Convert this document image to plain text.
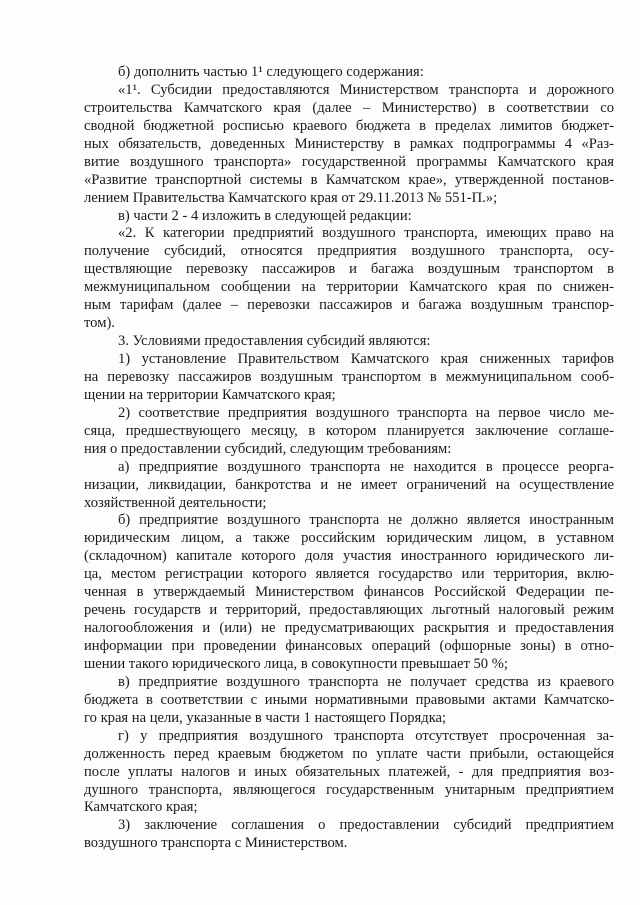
б) дополнить частью 1¹ следующего содержания:
«1¹. Субсидии предоставляются Министерством транспорта и дорожного
строительства Камчатского края (далее – Министерство) в соответствии со
сводной бюджетной росписью краевого бюджета в пределах лимитов бюджет-
ных обязательств, доведенных Министерству в рамках подпрограммы 4 «Раз-
витие воздушного транспорта» государственной программы Камчатского края
«Развитие транспортной системы в Камчатском крае», утвержденной постанов-
лением Правительства Камчатского края от 29.11.2013 № 551-П.»;
в) части 2 - 4 изложить в следующей редакции:
«2. К категории предприятий воздушного транспорта, имеющих право на
получение субсидий, относятся предприятия воздушного транспорта, осу-
ществляющие перевозку пассажиров и багажа воздушным транспортом в
межмуниципальном сообщении на территории Камчатского края по снижен-
ным тарифам (далее – перевозки пассажиров и багажа воздушным транспор-
том).
3. Условиями предоставления субсидий являются:
1) установление Правительством Камчатского края сниженных тарифов
на перевозку пассажиров воздушным транспортом в межмуниципальном сооб-
щении на территории Камчатского края;
2) соответствие предприятия воздушного транспорта на первое число ме-
сяца, предшествующего месяцу, в котором планируется заключение соглаше-
ния о предоставлении субсидий, следующим требованиям:
а) предприятие воздушного транспорта не находится в процессе реорга-
низации, ликвидации, банкротства и не имеет ограничений на осуществление
хозяйственной деятельности;
б) предприятие воздушного транспорта не должно является иностранным
юридическим лицом, а также российским юридическим лицом, в уставном
(складочном) капитале которого доля участия иностранного юридического ли-
ца, местом регистрации которого является государство или территория, вклю-
ченная в утверждаемый Министерством финансов Российской Федерации пе-
речень государств и территорий, предоставляющих льготный налоговый режим
налогообложения и (или) не предусматривающих раскрытия и предоставления
информации при проведении финансовых операций (офшорные зоны) в отно-
шении такого юридического лица, в совокупности превышает 50 %;
в) предприятие воздушного транспорта не получает средства из краевого
бюджета в соответствии с иными нормативными правовыми актами Камчатско-
го края на цели, указанные в части 1 настоящего Порядка;
г) у предприятия воздушного транспорта отсутствует просроченная за-
долженность перед краевым бюджетом по уплате части прибыли, остающейся
после уплаты налогов и иных обязательных платежей, - для предприятия воз-
душного транспорта, являющегося государственным унитарным предприятием
Камчатского края;
3) заключение соглашения о предоставлении субсидий предприятием
воздушного транспорта с Министерством.
